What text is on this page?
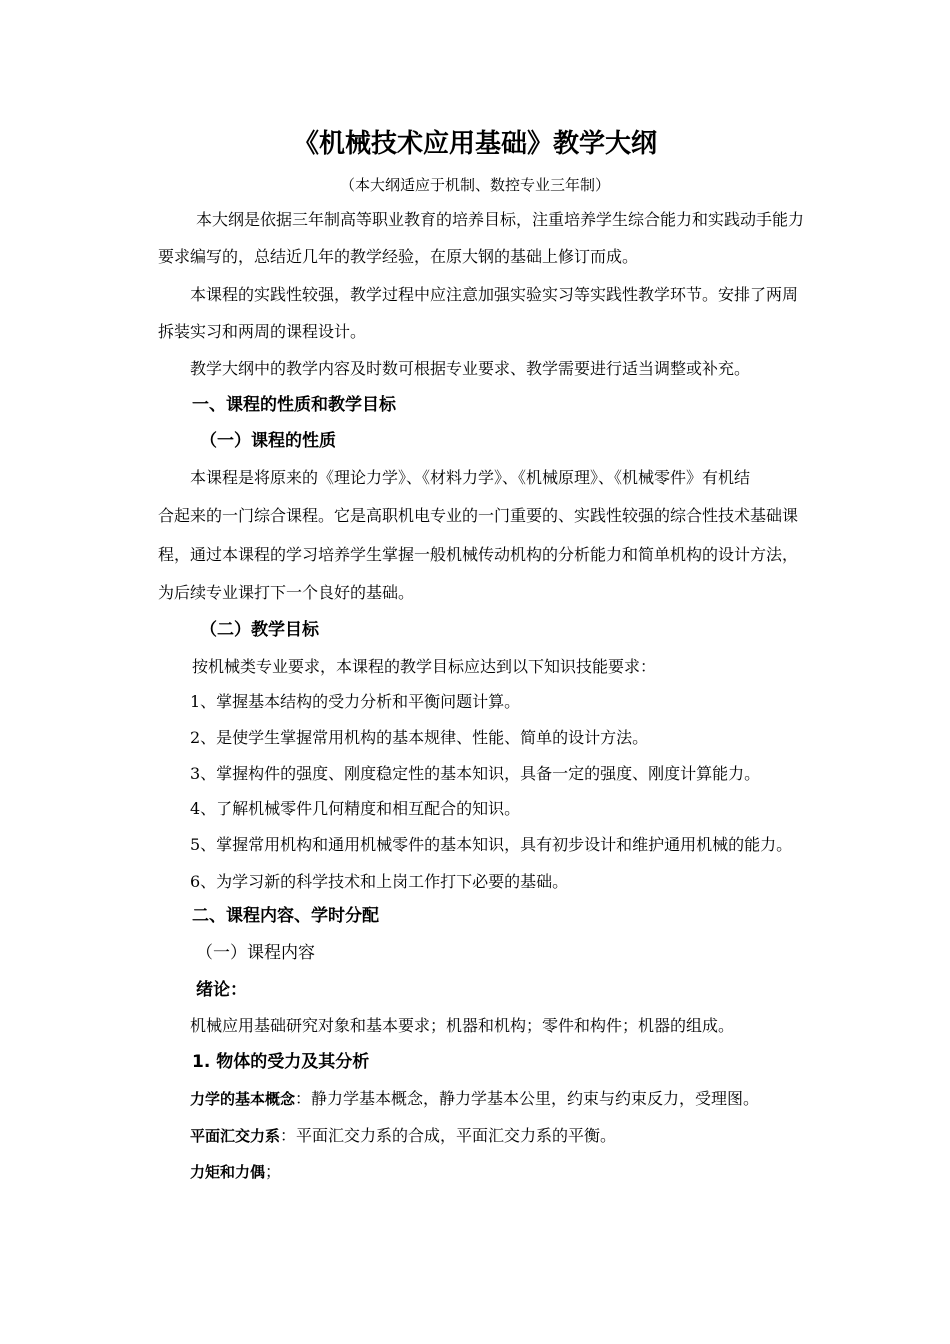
《机械技术应用基础》教学大纲
（本大纲适应于机制、数控专业三年制）
本大纲是依据三年制高等职业教育的培养目标，注重培养学生综合能力和实践动手能力
要求编写的，总结近几年的教学经验，在原大钢的基础上修订而成。
本课程的实践性较强，教学过程中应注意加强实验实习等实践性教学环节。安排了两周
拆装实习和两周的课程设计。
教学大纲中的教学内容及时数可根据专业要求、教学需要进行适当调整或补充。
一、课程的性质和教学目标
（一）课程的性质
本课程是将原来的《理论力学》、《材料力学》、《机械原理》、《机械零件》有机结
合起来的一门综合课程。它是高职机电专业的一门重要的、实践性较强的综合性技术基础课
程，通过本课程的学习培养学生掌握一般机械传动机构的分析能力和简单机构的设计方法，
为后续专业课打下一个良好的基础。
（二）教学目标
按机械类专业要求，本课程的教学目标应达到以下知识技能要求：
1、掌握基本结构的受力分析和平衡问题计算。
2、是使学生掌握常用机构的基本规律、性能、简单的设计方法。
3、掌握构件的强度、刚度稳定性的基本知识，具备一定的强度、刚度计算能力。
4、了解机械零件几何精度和相互配合的知识。
5、掌握常用机构和通用机械零件的基本知识，具有初步设计和维护通用机械的能力。
6、为学习新的科学技术和上岗工作打下必要的基础。
二、课程内容、学时分配
（一）课程内容
绪论：
机械应用基础研究对象和基本要求；机器和机构；零件和构件；机器的组成。
1. 物体的受力及其分析
力学的基本概念：静力学基本概念，静力学基本公里，约束与约束反力，受理图。
平面汇交力系：平面汇交力系的合成，平面汇交力系的平衡。
力矩和力偶；
